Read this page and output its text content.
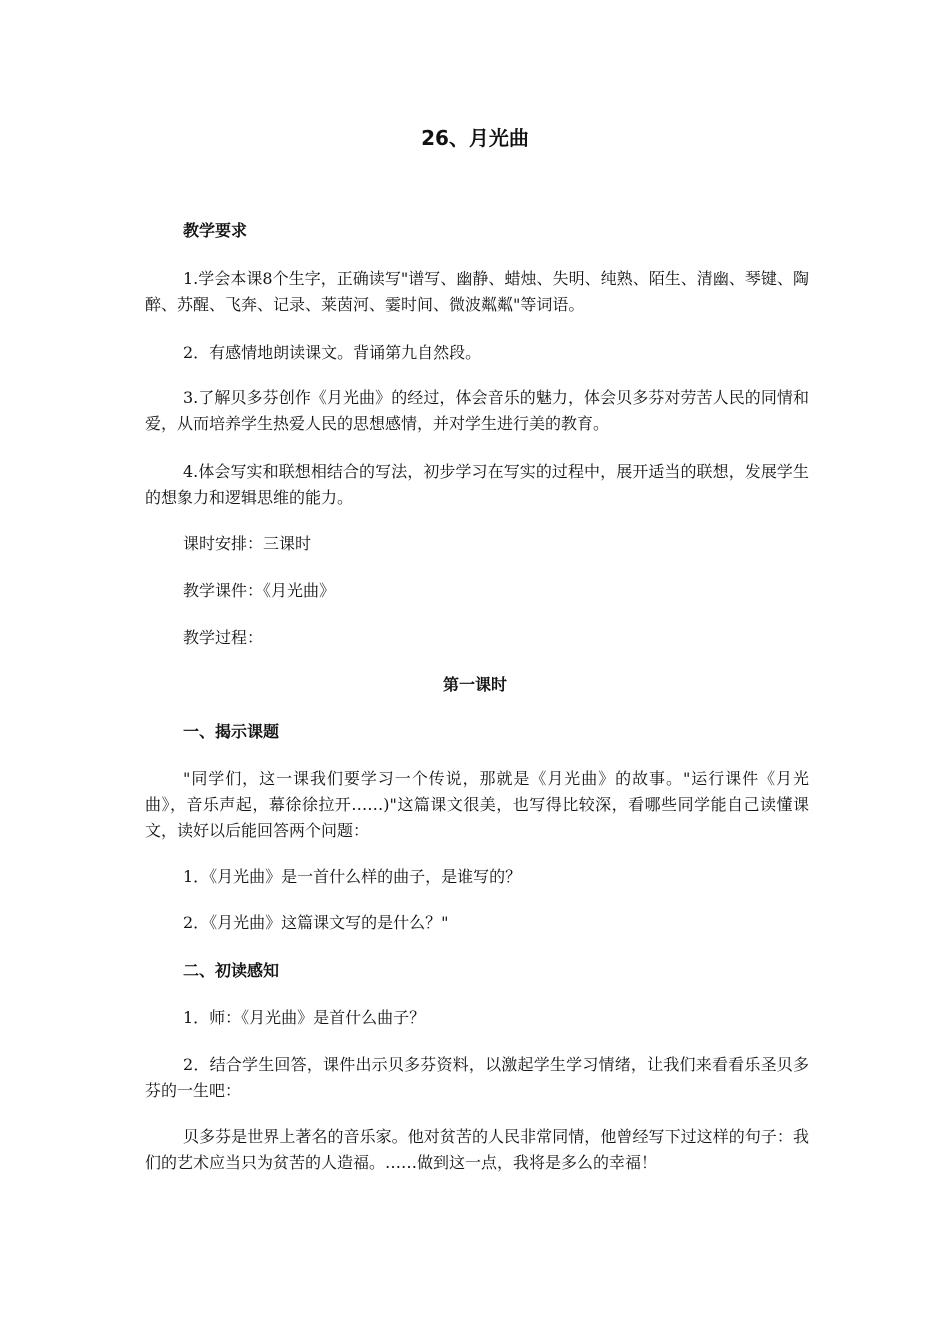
26、月光曲
教学要求

1.学会本课8个生字，正确读写"谱写、幽静、蜡烛、失明、纯熟、陌生、清幽、琴键、陶醉、苏醒、飞奔、记录、莱茵河、霎时间、微波粼粼"等词语。

2．有感情地朗读课文。背诵第九自然段。

3.了解贝多芬创作《月光曲》的经过，体会音乐的魅力，体会贝多芬对劳苦人民的同情和爱，从而培养学生热爱人民的思想感情，并对学生进行美的教育。

4.体会写实和联想相结合的写法，初步学习在写实的过程中，展开适当的联想，发展学生的想象力和逻辑思维的能力。

课时安排：三课时

教学课件：《月光曲》

教学过程：

第一课时
一、揭示课题

"同学们，这一课我们要学习一个传说，那就是《月光曲》的故事。"运行课件《月光曲》，音乐声起，幕徐徐拉开……)"这篇课文很美，也写得比较深，看哪些同学能自己读懂课文，读好以后能回答两个问题：

1．《月光曲》是一首什么样的曲子，是谁写的？

2．《月光曲》这篇课文写的是什么？"

二、初读感知

1．师：《月光曲》是首什么曲子？

2．结合学生回答，课件出示贝多芬资料，以激起学生学习情绪，让我们来看看乐圣贝多芬的一生吧：

贝多芬是世界上著名的音乐家。他对贫苦的人民非常同情，他曾经写下过这样的句子：我们的艺术应当只为贫苦的人造福。……做到这一点，我将是多么的幸福！
